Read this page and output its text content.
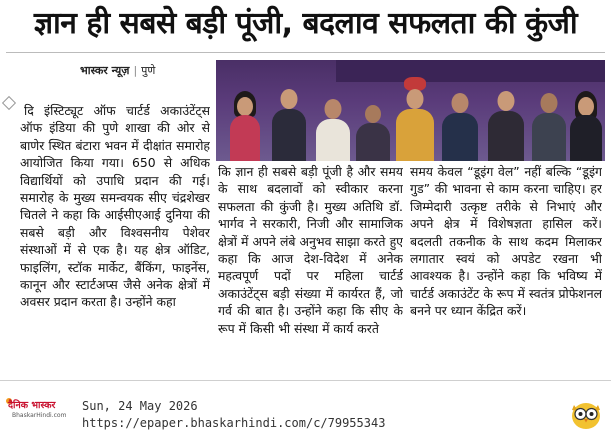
ज्ञान ही सबसे बड़ी पूंजी, बदलाव सफलता की कुंजी
भास्कर न्यूज़ | पुणे
दि इंस्टिट्यूट ऑफ चार्टर्ड अकाउंटेंट्स ऑफ इंडिया की पुणे शाखा की ओर से बाणेर स्थित बंटारा भवन में दीक्षांत समारोह आयोजित किया गया। 650 से अधिक विद्यार्थियों को उपाधि प्रदान की गई। समारोह के मुख्य समन्वयक सीए चंद्रशेखर चितले ने कहा कि आईसीएआई दुनिया की सबसे बड़ी और विश्वसनीय पेशेवर संस्थाओं में से एक है। यह क्षेत्र ऑडिट, फाइलिंग, स्टॉक मार्केट, बैंकिंग, फाइनेंस, कानून और स्टार्टअप्स जैसे अनेक क्षेत्रों में अवसर प्रदान करता है। उन्होंने कहा
कि ज्ञान ही सबसे बड़ी पूंजी है और समय के साथ बदलावों को स्वीकार करना सफलता की कुंजी है। मुख्य अतिथि डॉ. भार्गव ने सरकारी, निजी और सामाजिक क्षेत्रों में अपने लंबे अनुभव साझा करते हुए कहा कि आज देश-विदेश में अनेक महत्वपूर्ण पदों पर महिला चार्टर्ड अकाउंटेंट्स बड़ी संख्या में कार्यरत हैं, जो गर्व की बात है। उन्होंने कहा कि सीए के रूप में किसी भी संस्था में कार्य करते
समय केवल “डूइंग वेल” नहीं बल्कि “डूइंग गुड” की भावना से काम करना चाहिए। हर जिम्मेदारी उत्कृष्ट तरीके से निभाएं और अपने क्षेत्र में विशेषज्ञता हासिल करें। बदलती तकनीक के साथ कदम मिलाकर लगातार स्वयं को अपडेट रखना भी आवश्यक है। उन्होंने कहा कि भविष्य में चार्टर्ड अकाउंटेंट के रूप में स्वतंत्र प्रोफेशनल बनने पर ध्यान केंद्रित करें।
दैनिक भास्कर
BhaskarHindi.com
Sun, 24 May 2026
https://epaper.bhaskarhindi.com/c/79955343
